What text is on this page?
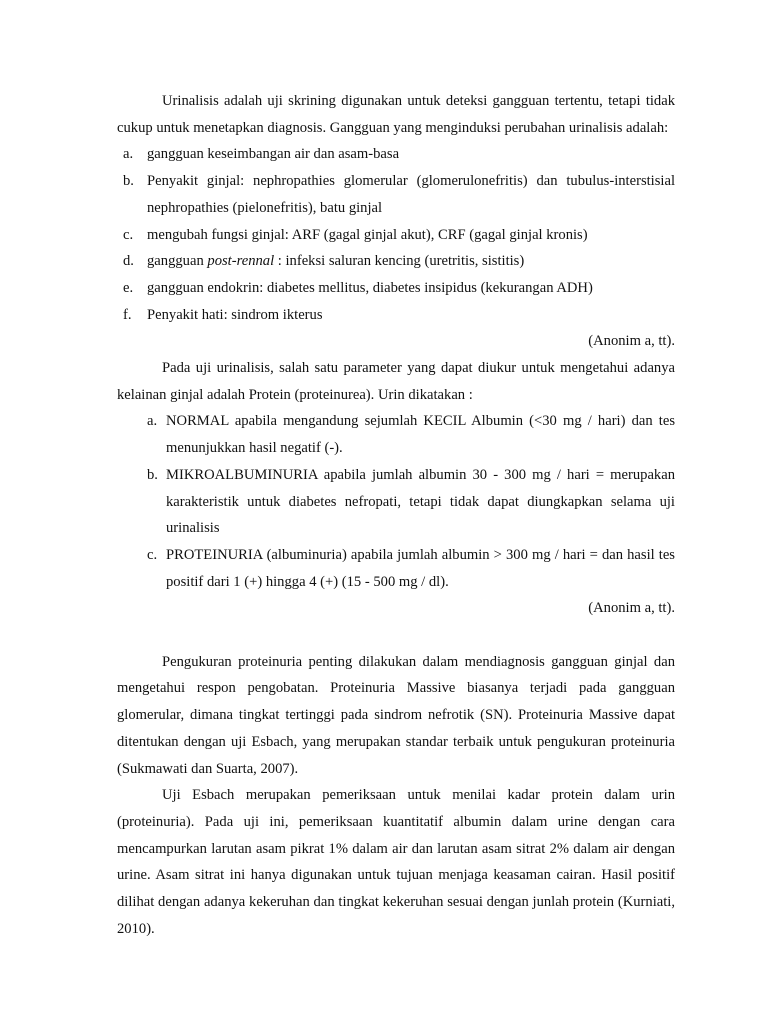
Urinalisis adalah uji skrining digunakan untuk deteksi gangguan tertentu, tetapi tidak cukup untuk menetapkan diagnosis. Gangguan yang menginduksi perubahan urinalisis adalah:

a. gangguan keseimbangan air dan asam-basa
b. Penyakit ginjal: nephropathies glomerular (glomerulonefritis) dan tubulus-interstisial nephropathies (pielonefritis), batu ginjal
c. mengubah fungsi ginjal: ARF (gagal ginjal akut), CRF (gagal ginjal kronis)
d. gangguan post-rennal : infeksi saluran kencing (uretritis, sistitis)
e. gangguan endokrin: diabetes mellitus, diabetes insipidus (kekurangan ADH)
f. Penyakit hati: sindrom ikterus

(Anonim a, tt).

Pada uji urinalisis, salah satu parameter yang dapat diukur untuk mengetahui adanya kelainan ginjal adalah Protein (proteinurea). Urin dikatakan :

a. NORMAL apabila mengandung sejumlah KECIL Albumin (<30 mg / hari) dan tes menunjukkan hasil negatif (-).
b. MIKROALBUMINURIA apabila jumlah albumin 30 - 300 mg / hari = merupakan karakteristik untuk diabetes nefropati, tetapi tidak dapat diungkapkan selama uji urinalisis
c. PROTEINURIA (albuminuria) apabila jumlah albumin > 300 mg / hari = dan hasil tes positif dari 1 (+) hingga 4 (+) (15 - 500 mg / dl).

(Anonim a, tt).

Pengukuran proteinuria penting dilakukan dalam mendiagnosis gangguan ginjal dan mengetahui respon pengobatan. Proteinuria Massive biasanya terjadi pada gangguan glomerular, dimana tingkat tertinggi pada sindrom nefrotik (SN). Proteinuria Massive dapat ditentukan dengan uji Esbach, yang merupakan standar terbaik untuk pengukuran proteinuria (Sukmawati dan Suarta, 2007).

Uji Esbach merupakan pemeriksaan untuk menilai kadar protein dalam urin (proteinuria). Pada uji ini, pemeriksaan kuantitatif albumin dalam urine dengan cara mencampurkan larutan asam pikrat 1% dalam air dan larutan asam sitrat 2% dalam air dengan urine. Asam sitrat ini hanya digunakan untuk tujuan menjaga keasaman cairan. Hasil positif dilihat dengan adanya kekeruhan dan tingkat kekeruhan sesuai dengan junlah protein (Kurniati, 2010).
